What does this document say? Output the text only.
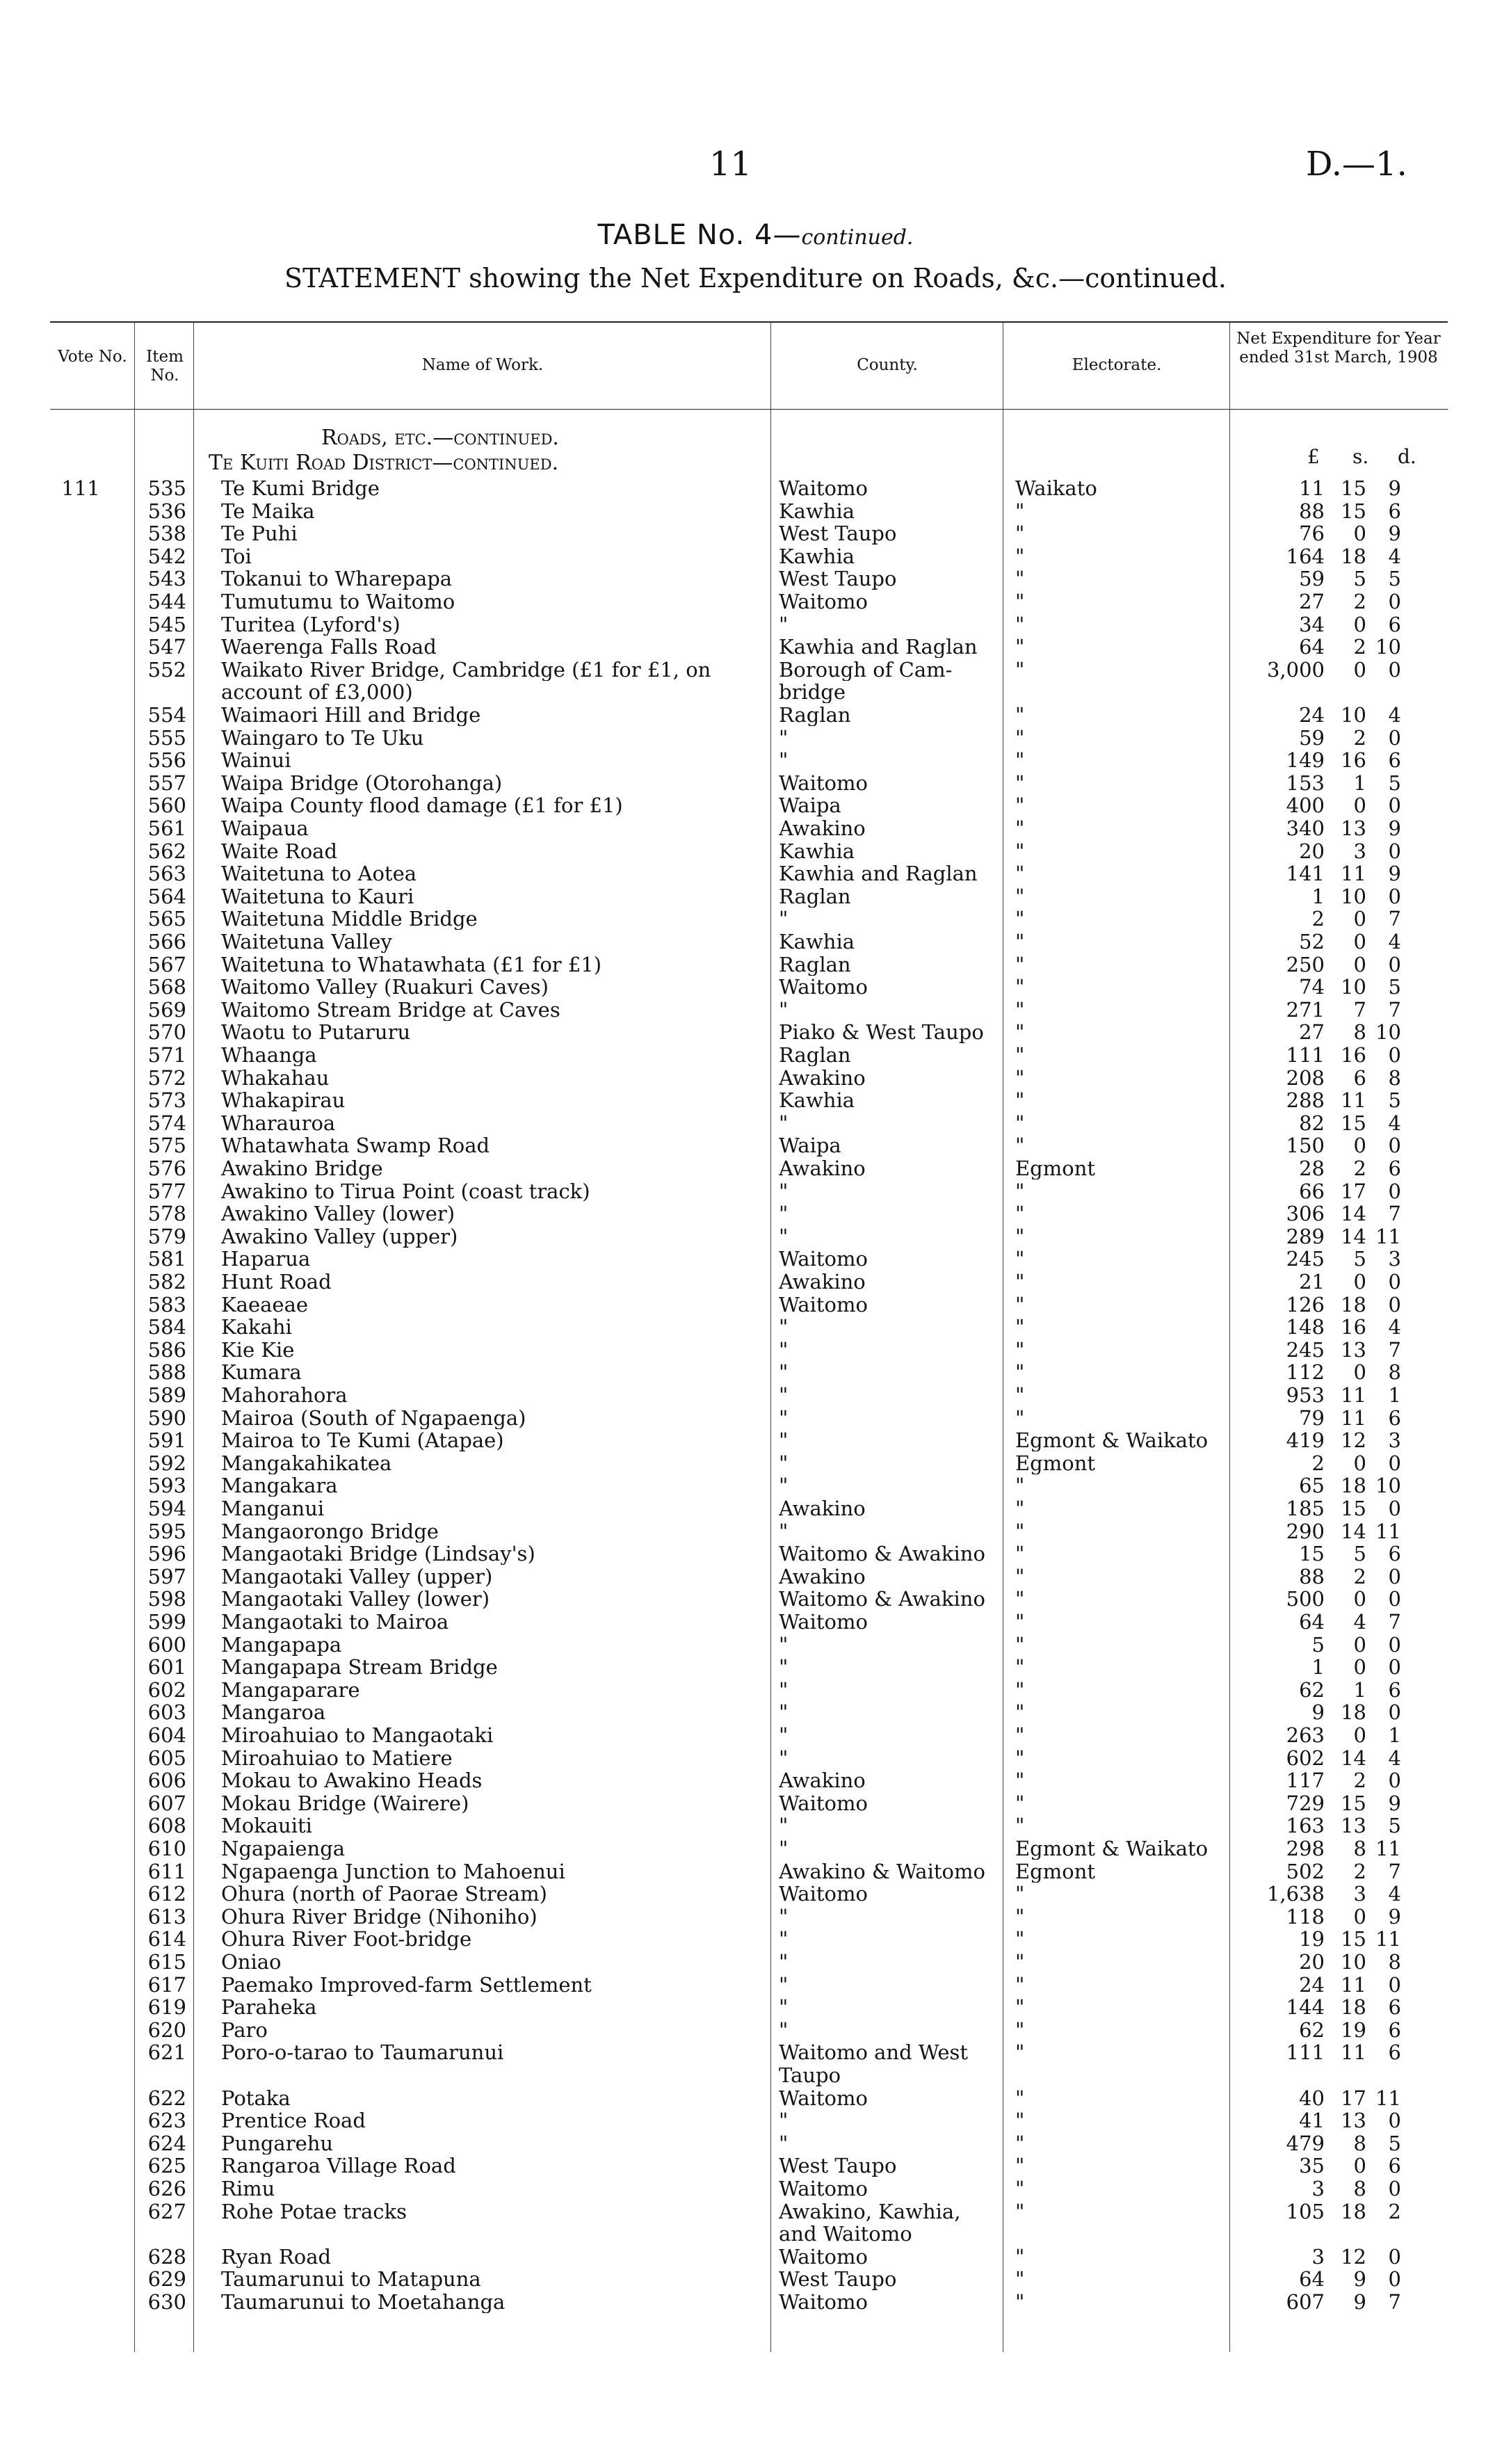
11	D.—1.
TABLE No. 4—continued.
STATEMENT showing the Net Expenditure on Roads, &c.—continued.
Vote No.	Item No.
Name of Work.	County.	Electorate.
Net Expenditure for Year ended 31st March, 1908
Roads, etc.—continued.
Te Kuiti Road District—continued.	£ s. d.
111	535 Te Kumi Bridge	Waitomo	Waikato	11 15 9
536 Te Maika	Kawhia	"	88 15 6
538 Te Puhi	West Taupo	"	76 0 9
542 Toi	Kawhia	"	164 18 4
543 Tokanui to Wharepapa	West Taupo	"	59 5 5
544 Tumutumu to Waitomo	Waitomo	"	27 2 0
545 Turitea (Lyford's)	"	"	34 0 6
547 Waerenga Falls Road	Kawhia and Raglan	"	64 2 10
552 Waikato River Bridge, Cambridge (£1 for £1, on	Borough of Cam-	"	3,000 0 0
account of £3,000)	bridge
554 Waimaori Hill and Bridge	Raglan	"	24 10 4
555 Waingaro to Te Uku	"	"	59 2 0
556 Wainui	"	"	149 16 6
557 Waipa Bridge (Otorohanga)	Waitomo	"	153 1 5
560 Waipa County flood damage (£1 for £1)	Waipa	"	400 0 0
561 Waipaua	Awakino	"	340 13 9
562 Waite Road	Kawhia	"	20 3 0
563 Waitetuna to Aotea	Kawhia and Raglan	"	141 11 9
564 Waitetuna to Kauri	Raglan	"	1 10 0
565 Waitetuna Middle Bridge	"	"	2 0 7
566 Waitetuna Valley	Kawhia	"	52 0 4
567 Waitetuna to Whatawhata (£1 for £1)	Raglan	"	250 0 0
568 Waitomo Valley (Ruakuri Caves)	Waitomo	"	74 10 5
569 Waitomo Stream Bridge at Caves	"	"	271 7 7
570 Waotu to Putaruru	Piako & West Taupo	"	27 8 10
571 Whaanga	Raglan	"	111 16 0
572 Whakahau	Awakino	"	208 6 8
573 Whakapirau	Kawhia	"	288 11 5
574 Wharauroa	"	"	82 15 4
575 Whatawhata Swamp Road	Waipa	"	150 0 0
576 Awakino Bridge	Awakino	Egmont	28 2 6
577 Awakino to Tirua Point (coast track)	"	"	66 17 0
578 Awakino Valley (lower)	"	"	306 14 7
579 Awakino Valley (upper)	"	"	289 14 11
581 Haparua	Waitomo	"	245 5 3
582 Hunt Road	Awakino	"	21 0 0
583 Kaeaeae	Waitomo	"	126 18 0
584 Kakahi	"	"	148 16 4
586 Kie Kie	"	"	245 13 7
588 Kumara	"	"	112 0 8
589 Mahorahora	"	"	953 11 1
590 Mairoa (South of Ngapaenga)	"	"	79 11 6
591 Mairoa to Te Kumi (Atapae)	"	Egmont & Waikato	419 12 3
592 Mangakahikatea	"	Egmont	2 0 0
593 Mangakara	"	"	65 18 10
594 Manganui	Awakino	"	185 15 0
595 Mangaorongo Bridge	"	"	290 14 11
596 Mangaotaki Bridge (Lindsay's)	Waitomo & Awakino	"	15 5 6
597 Mangaotaki Valley (upper)	Awakino	"	88 2 0
598 Mangaotaki Valley (lower)	Waitomo & Awakino	"	500 0 0
599 Mangaotaki to Mairoa	Waitomo	"	64 4 7
600 Mangapapa	"	"	5 0 0
601 Mangapapa Stream Bridge	"	"	1 0 0
602 Mangaparare	"	"	62 1 6
603 Mangaroa	"	"	9 18 0
604 Miroahuiao to Mangaotaki	"	"	263 0 1
605 Miroahuiao to Matiere	"	"	602 14 4
606 Mokau to Awakino Heads	Awakino	"	117 2 0
607 Mokau Bridge (Wairere)	Waitomo	"	729 15 9
608 Mokauiti	"	"	163 13 5
610 Ngapaienga	"	Egmont & Waikato	298 8 11
611 Ngapaenga Junction to Mahoenui	Awakino & Waitomo	Egmont	502 2 7
612 Ohura (north of Paorae Stream)	Waitomo	"	1,638 3 4
613 Ohura River Bridge (Nihoniho)	"	"	118 0 9
614 Ohura River Foot-bridge	"	"	19 15 11
615 Oniao	"	"	20 10 8
617 Paemako Improved-farm Settlement	"	"	24 11 0
619 Paraheka	"	"	144 18 6
620 Paro	"	"	62 19 6
621 Poro-o-tarao to Taumarunui	Waitomo and West	"	111 11 6
Taupo
622 Potaka	Waitomo	"	40 17 11
623 Prentice Road	"	"	41 13 0
624 Pungarehu	"	"	479 8 5
625 Rangaroa Village Road	West Taupo	"	35 0 6
626 Rimu	Waitomo	"	3 8 0
627 Rohe Potae tracks	Awakino, Kawhia,	"	105 18 2
and Waitomo
628 Ryan Road	Waitomo	"	3 12 0
629 Taumarunui to Matapuna	West Taupo	"	64 9 0
630 Taumarunui to Moetahanga	Waitomo	"	607 9 7
